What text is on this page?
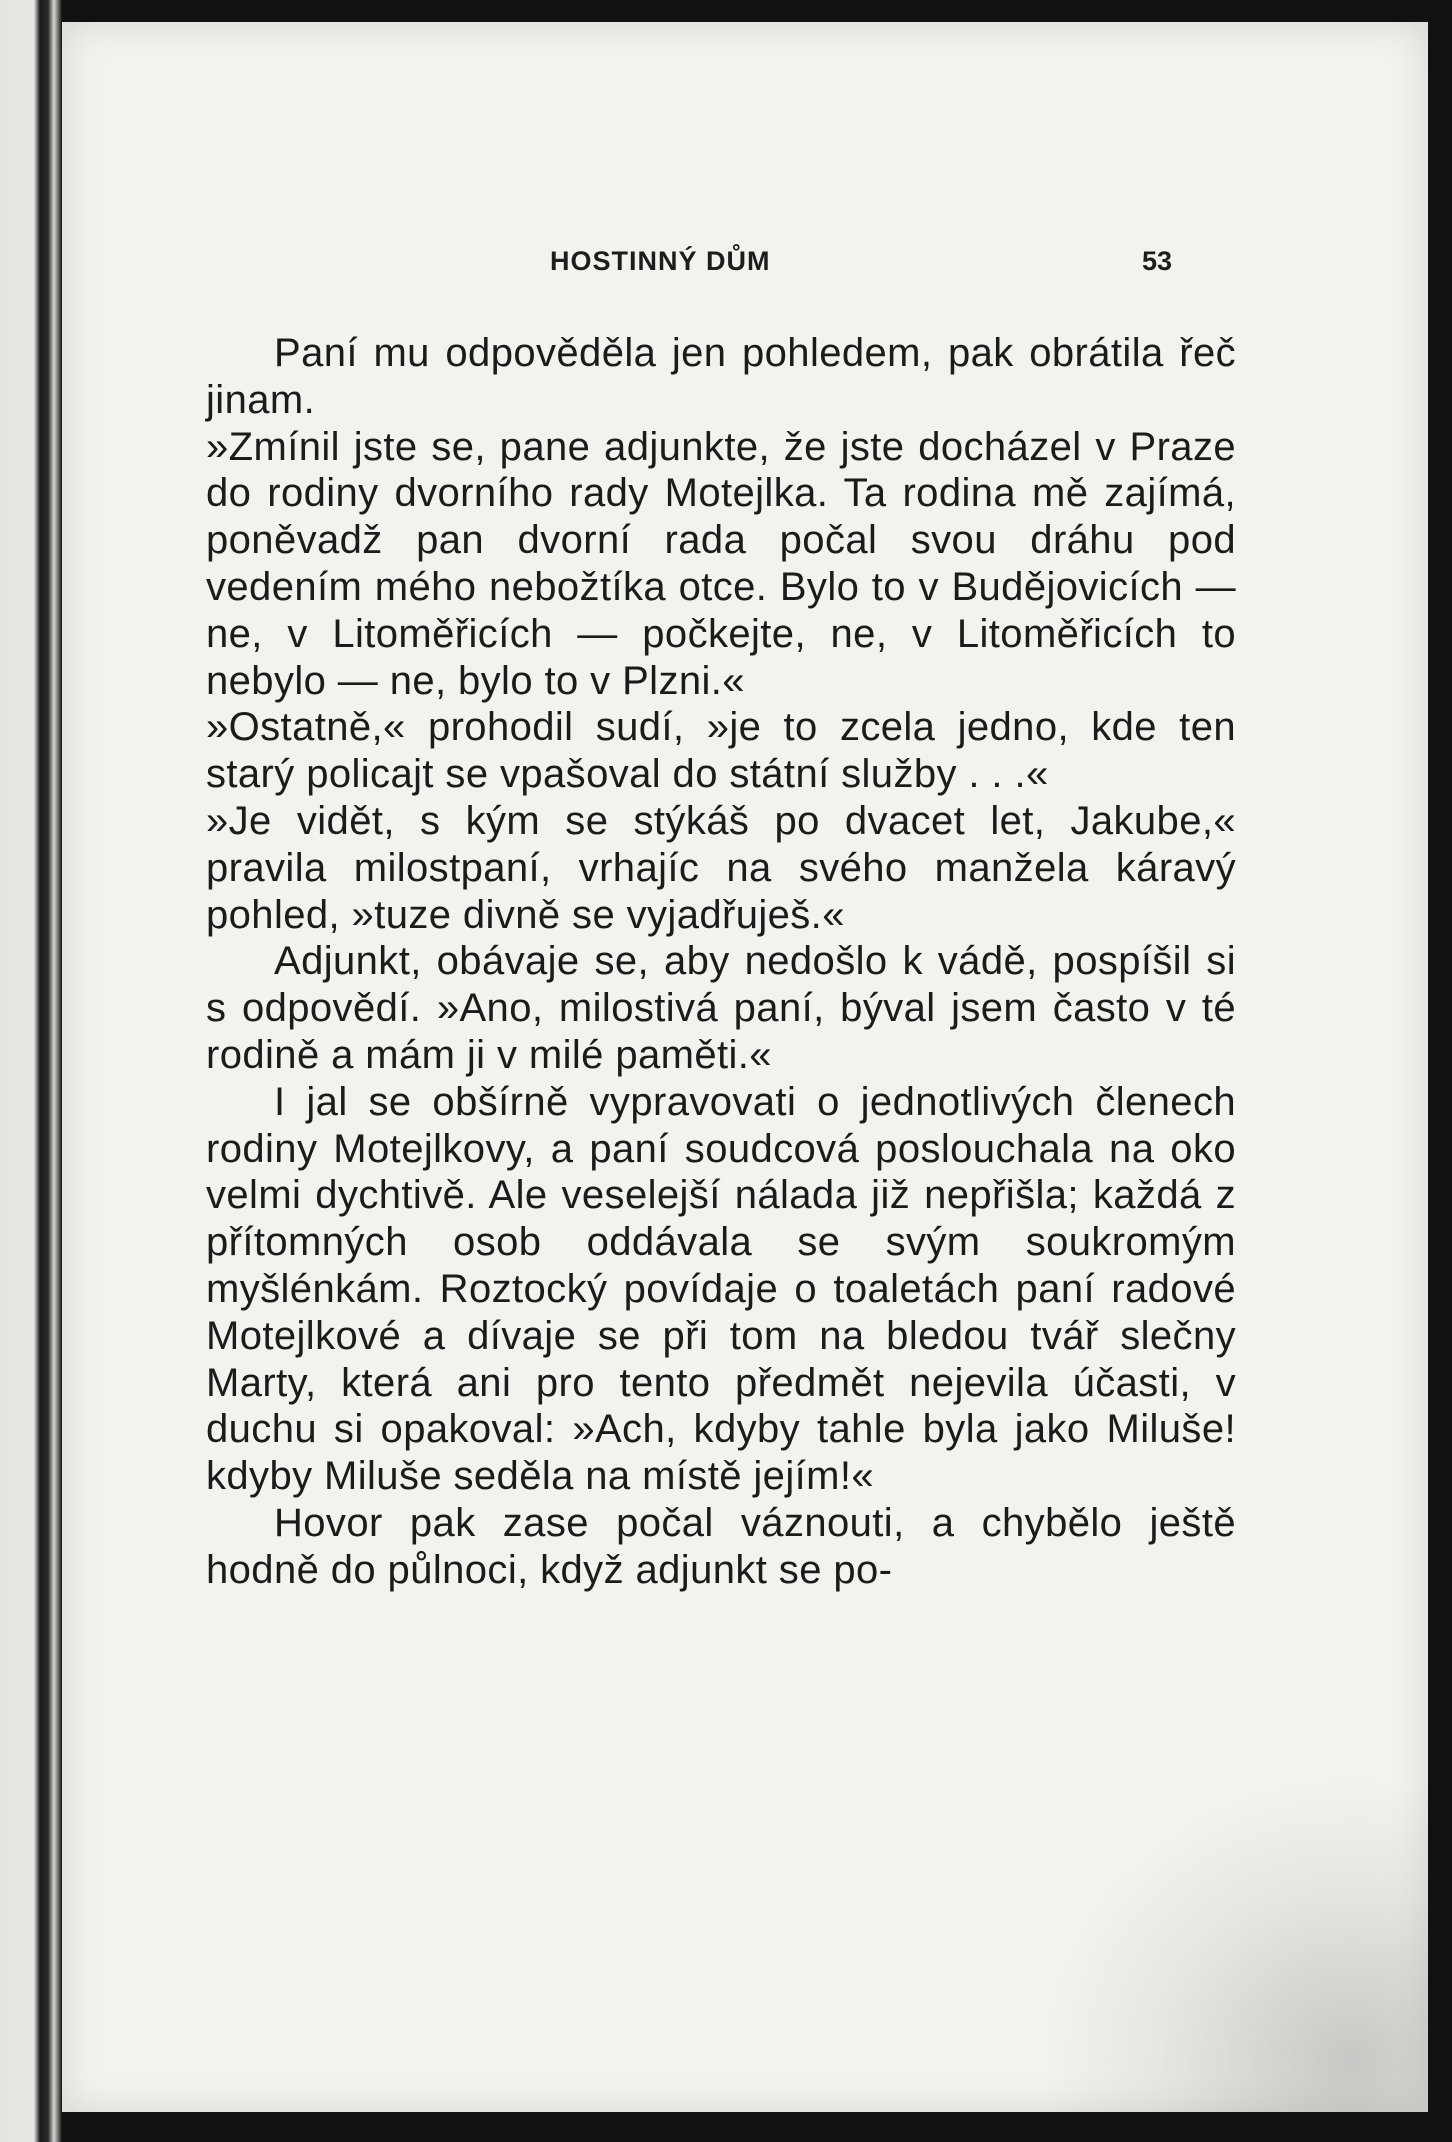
HOSTINNÝ DŮM	53

Paní mu odpověděla jen pohledem, pak obrátila řeč jinam.

»Zmínil jste se, pane adjunkte, že jste docházel v Praze do rodiny dvorního rady Motejlka. Ta rodina mě zajímá, poněvadž pan dvorní rada počal svou dráhu pod vedením mého nebožtíka otce. Bylo to v Budějovicích — ne, v Litoměřicích — počkejte, ne, v Litoměřicích to nebylo — ne, bylo to v Plzni.«

»Ostatně,« prohodil sudí, »je to zcela jedno, kde ten starý policajt se vpašoval do státní služby . . .«

»Je vidět, s kým se stýkáš po dvacet let, Jakube,« pravila milostpaní, vrhajíc na svého manžela káravý pohled, »tuze divně se vyjadřuješ.«

Adjunkt, obávaje se, aby nedošlo k vádě, pospíšil si s odpovědí. »Ano, milostivá paní, býval jsem často v té rodině a mám ji v milé paměti.«

I jal se obšírně vypravovati o jednotlivých členech rodiny Motejlkovy, a paní soudcová poslouchala na oko velmi dychtivě. Ale veselejší nálada již nepřišla; každá z přítomných osob oddávala se svým soukromým myšlénkám. Roztocký povídaje o toaletách paní radové Motejlkové a dívaje se při tom na bledou tvář slečny Marty, která ani pro tento předmět nejevila účasti, v duchu si opakoval: »Ach, kdyby tahle byla jako Miluše! kdyby Miluše seděla na místě jejím!«

Hovor pak zase počal váznouti, a chybělo ještě hodně do půlnoci, když adjunkt se po-
